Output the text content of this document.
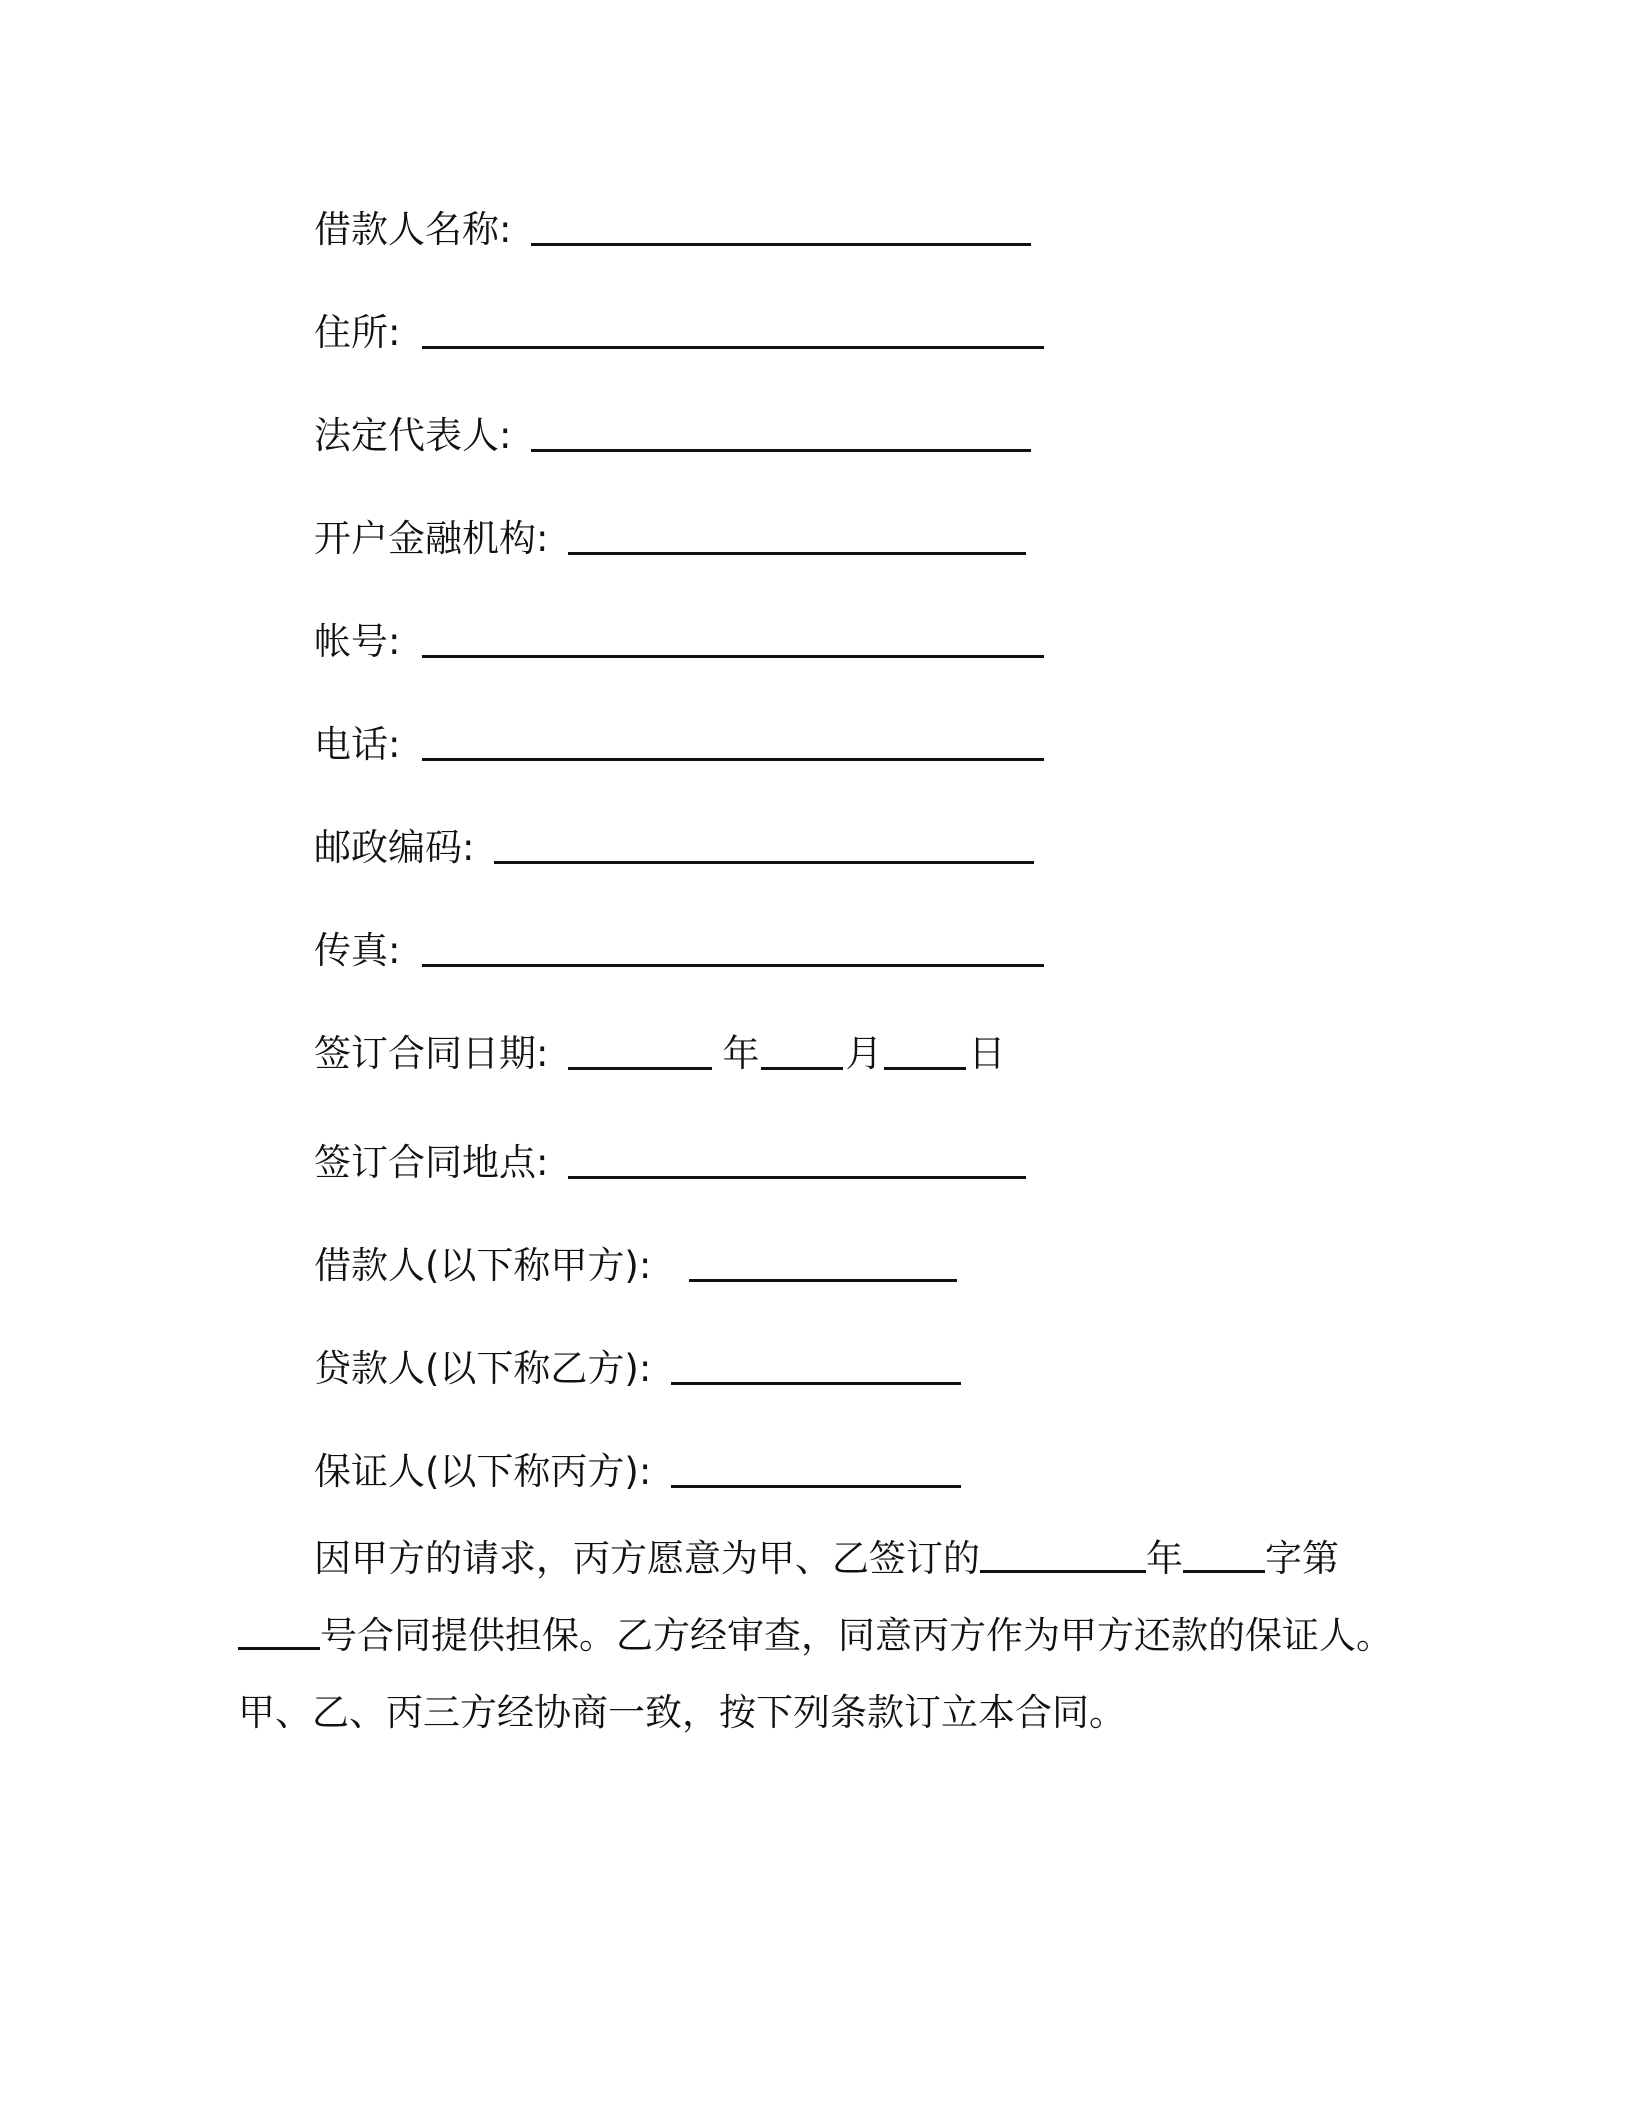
借款人名称:
住所:
法定代表人:
开户金融机构:
帐号:
电话:
邮政编码:
传真:
签订合同日期:	年 月 日
签订合同地点:
借款人(以下称甲方):
贷款人(以下称乙方):
保证人(以下称丙方):
因甲方的请求，丙方愿意为甲、乙签订的	年 字第
号合同提供担保。乙方经审查，同意丙方作为甲方还款的保证人。
甲、乙、丙三方经协商一致，按下列条款订立本合同。
